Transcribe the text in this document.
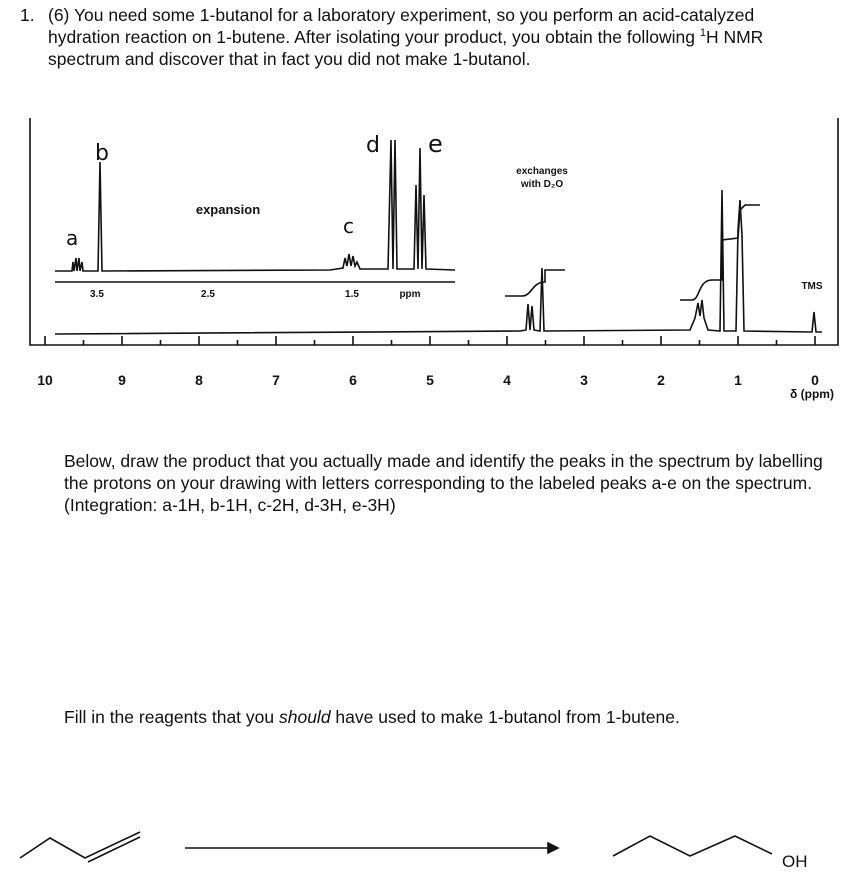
1. (6) You need some 1-butanol for a laboratory experiment, so you perform an acid-catalyzed hydration reaction on 1-butene. After isolating your product, you obtain the following $^1$H NMR spectrum and discover that in fact you did not make 1-butanol.
10	9	8	7	6	5	4	3	2	1	0
3.5	2.5	1.5	ppm
expansion
exchanges
with D₂O
TMS
δ (ppm)
a
b
c
d e
OH
Below, draw the product that you actually made and identify the peaks in the spectrum by labelling the protons on your drawing with letters corresponding to the labeled peaks a-e on the spectrum. (Integration: a-1H, b-1H, c-2H, d-3H, e-3H)
Fill in the reagents that you should have used to make 1-butanol from 1-butene.
